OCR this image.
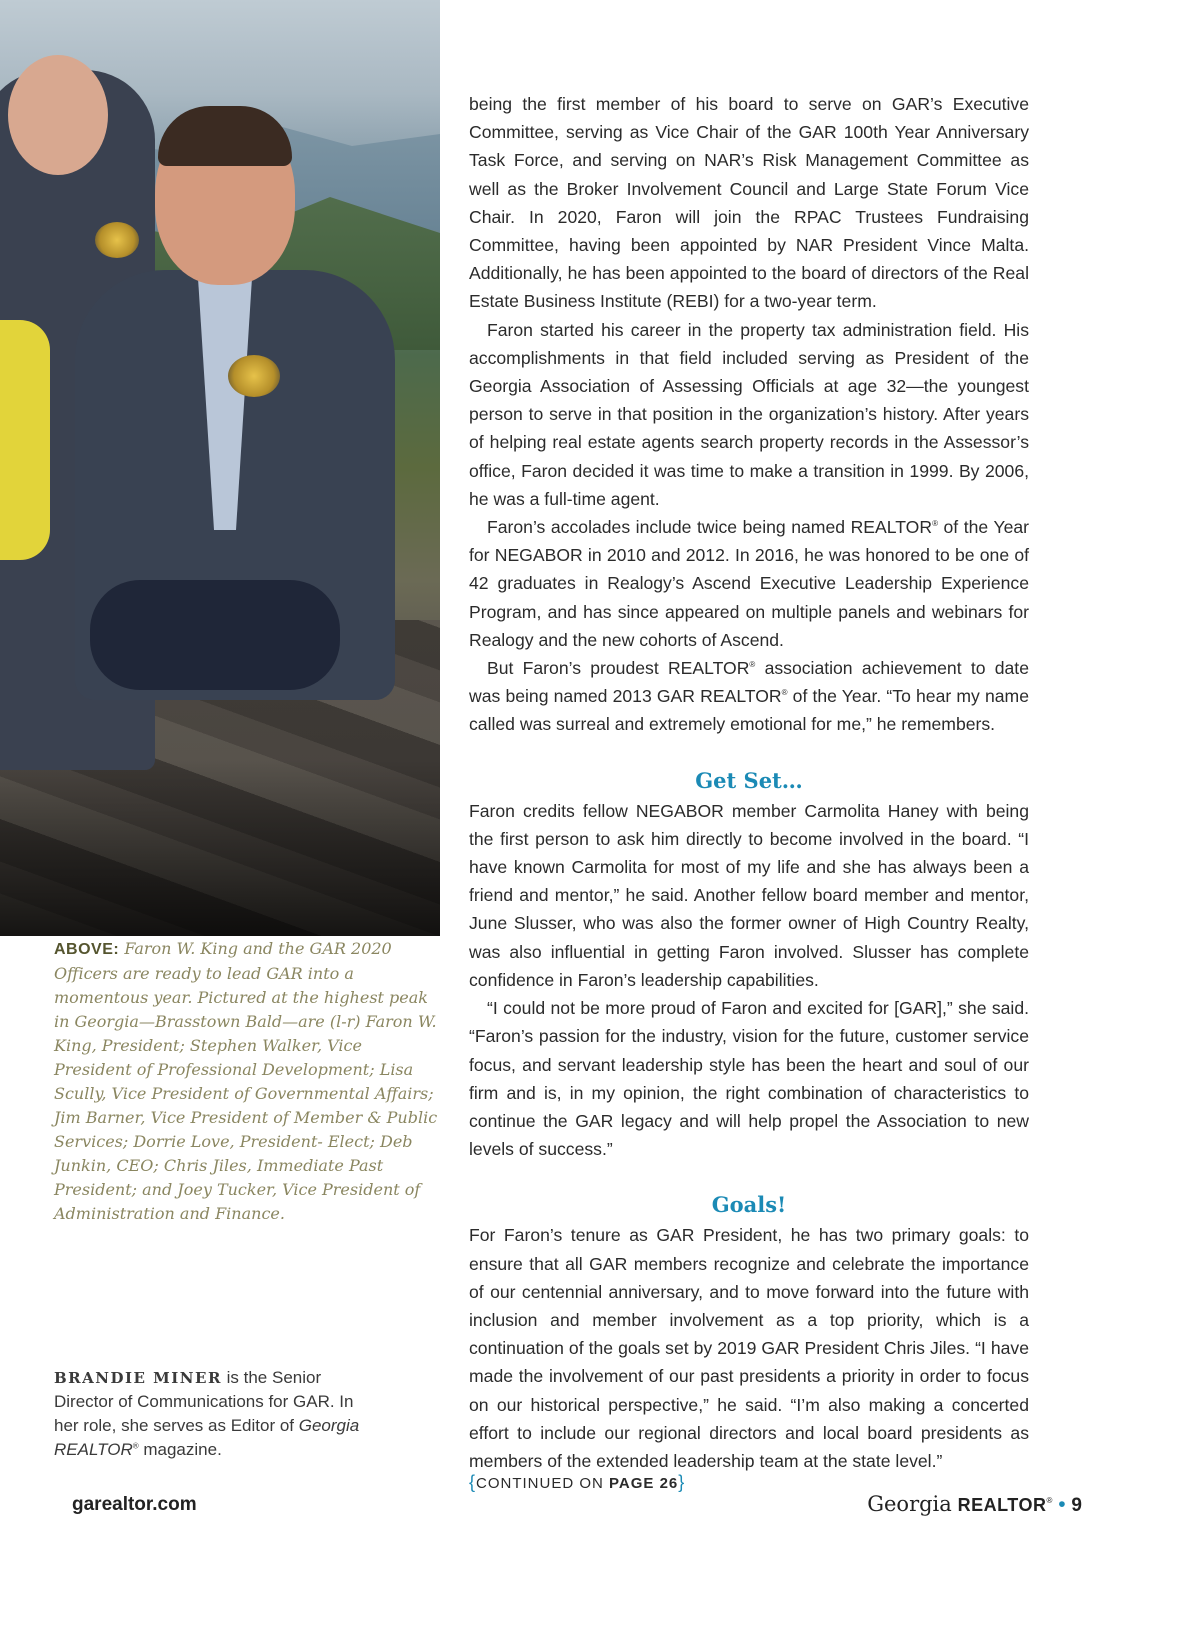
ABOVE: Faron W. King and the GAR 2020 Officers are ready to lead GAR into a momentous year. Pictured at the highest peak in Georgia—Brasstown Bald—are (l-r) Faron W. King, President; Stephen Walker, Vice President of Professional Development; Lisa Scully, Vice President of Governmental Affairs; Jim Barner, Vice President of Member & Public Services; Dorrie Love, President- Elect; Deb Junkin, CEO; Chris Jiles, Immediate Past President; and Joey Tucker, Vice President of Administration and Finance.
BRANDIE MINER is the Senior Director of Communications for GAR. In her role, she serves as Editor of Georgia REALTOR® magazine.

being the first member of his board to serve on GAR’s Executive Committee, serving as Vice Chair of the GAR 100th Year Anniversary Task Force, and serving on NAR’s Risk Management Committee as well as the Broker Involvement Council and Large State Forum Vice Chair. In 2020, Faron will join the RPAC Trustees Fundraising Committee, having been appointed by NAR President Vince Malta. Additionally, he has been appointed to the board of directors of the Real Estate Business Institute (REBI) for a two-year term.

Faron started his career in the property tax administration field. His accomplishments in that field included serving as President of the Georgia Association of Assessing Officials at age 32—the youngest person to serve in that position in the organization’s history. After years of helping real estate agents search property records in the Assessor’s office, Faron decided it was time to make a transition in 1999. By 2006, he was a full-time agent.

Faron’s accolades include twice being named REALTOR® of the Year for NEGABOR in 2010 and 2012. In 2016, he was honored to be one of 42 graduates in Realogy’s Ascend Executive Leadership Experience Program, and has since appeared on multiple panels and webinars for Realogy and the new cohorts of Ascend.

But Faron’s proudest REALTOR® association achievement to date was being named 2013 GAR REALTOR® of the Year. “To hear my name called was surreal and extremely emotional for me,” he remembers.

Get Set…

Faron credits fellow NEGABOR member Carmolita Haney with being the first person to ask him directly to become involved in the board. “I have known Carmolita for most of my life and she has always been a friend and mentor,” he said. Another fellow board member and mentor, June Slusser, who was also the former owner of High Country Realty, was also influential in getting Faron involved. Slusser has complete confidence in Faron’s leadership capabilities.

“I could not be more proud of Faron and excited for [GAR],” she said. “Faron’s passion for the industry, vision for the future, customer service focus, and servant leadership style has been the heart and soul of our firm and is, in my opinion, the right combination of characteristics to continue the GAR legacy and will help propel the Association to new levels of success.”

Goals!

For Faron’s tenure as GAR President, he has two primary goals: to ensure that all GAR members recognize and celebrate the importance of our centennial anniversary, and to move forward into the future with inclusion and member involvement as a top priority, which is a continuation of the goals set by 2019 GAR President Chris Jiles. “I have made the involvement of our past presidents a priority in order to focus on our historical perspective,” he said. “I’m also making a concerted effort to include our regional directors and local board presidents as members of the extended leadership team at the state level.”

{CONTINUED ON PAGE 26}
garealtor.com	Georgia REALTOR® • 9
